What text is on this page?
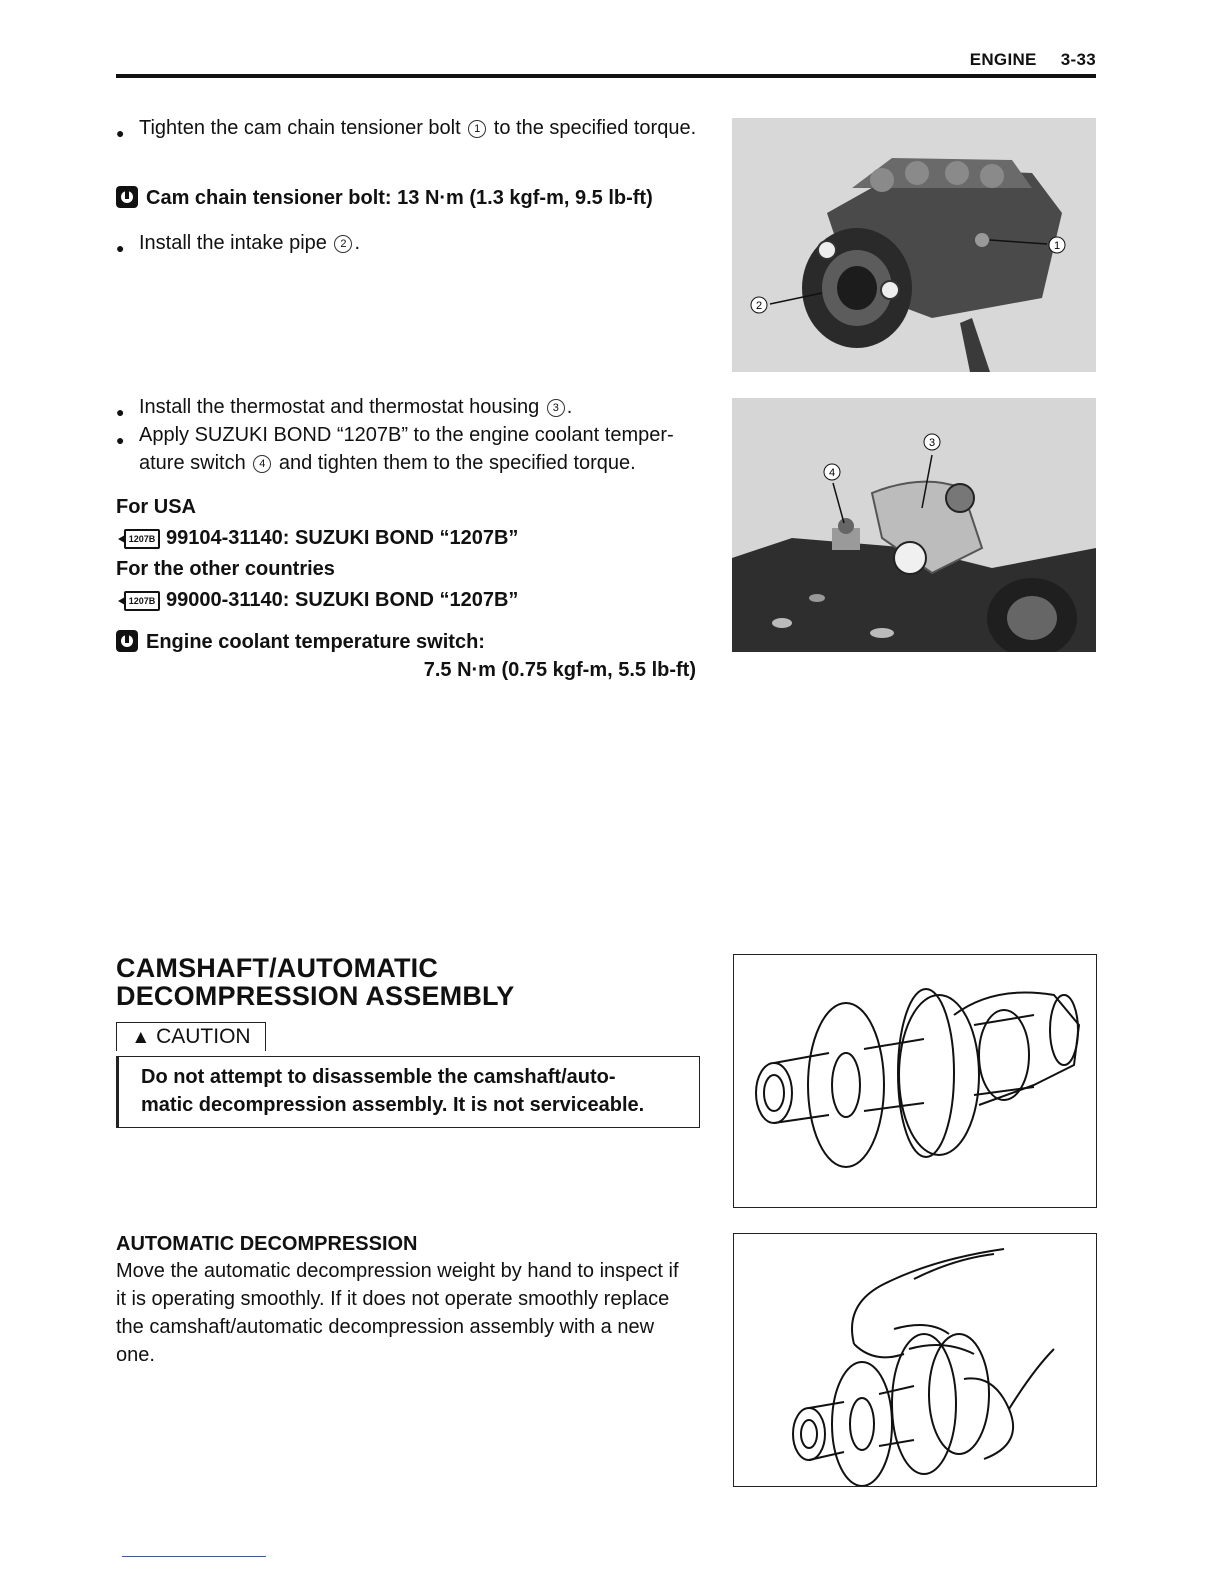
ENGINE 3-33
● Tighten the cam chain tensioner bolt 1 to the specified torque.
Cam chain tensioner bolt: 13 N·m (1.3 kgf-m, 9.5 lb-ft)
● Install the intake pipe 2 .	1
2
● Install the thermostat and thermostat housing 3 .
● Apply SUZUKI BOND “1207B” to the engine coolant temper-
ature switch 4 and tighten them to the specified torque.
For USA
1207B 99104-31140: SUZUKI BOND “1207B”
For the other countries
1207B 99000-31140: SUZUKI BOND “1207B”
Engine coolant temperature switch:
7.5 N·m (0.75 kgf-m, 5.5 lb-ft)
3
4
CAMSHAFT/AUTOMATIC
DECOMPRESSION ASSEMBLY
▲ CAUTION
Do not attempt to disassemble the camshaft/auto-
matic decompression assembly. It is not serviceable.
AUTOMATIC DECOMPRESSION
Move the automatic decompression weight by hand to inspect if
it is operating smoothly. If it does not operate smoothly replace
the camshaft/automatic decompression assembly with a new
one.
